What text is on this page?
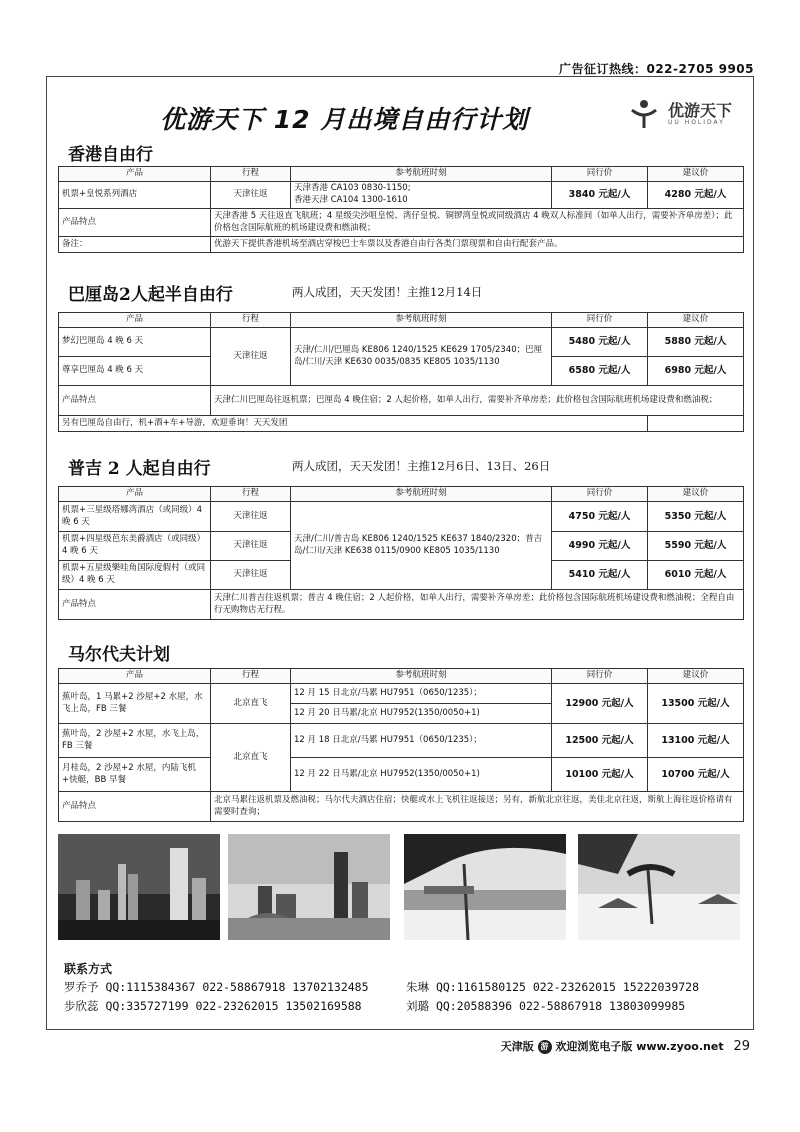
广告征订热线：022-2705 9905
优游天下 12 月出境自由行计划	优游天下
UU HOLIDAY
香港自由行
产品	行程	参考航班时刻	同行价	建议价
机票+皇悦系列酒店	天津往返	天津香港 CA103 0830-1150;
香港天津 CA104 1300-1610	3840 元起/人	4280 元起/人
产品特点	天津香港 5 天往返直飞航班；4 星级尖沙咀皇悦、湾仔皇悦、铜锣湾皇悦或同级酒店 4 晚双人标准间（如单人出行，需要补齐单房差）；此价格包含国际航班的机场建设费和燃油税；			
备注：	优游天下提供香港机场至酒店穿梭巴士车票以及香港自由行各类门票现票和自由行配套产品。			
巴厘岛2人起半自由行	两人成团，天天发团！主推12月14日
产品	行程	参考航班时刻	同行价	建议价
梦幻巴厘岛 4 晚 6 天	天津往返	天津/仁川/巴厘岛 KE806 1240/1525 KE629 1705/2340；巴厘岛/仁川/天津 KE630 0035/0835 KE805 1035/1130	5480 元起/人	5880 元起/人
尊享巴厘岛 4 晚 6 天			6580 元起/人	6980 元起/人
产品特点	天津仁川巴厘岛往返机票；巴厘岛 4 晚住宿；2 人起价格，如单人出行，需要补齐单房差；此价格包含国际航班机场建设费和燃油税；			
另有巴厘岛自由行，机+酒+车+导游，欢迎垂询！天天发团				
普吉 2 人起自由行	两人成团，天天发团！主推12月6日、13日、26日
产品	行程	参考航班时刻	同行价	建议价
机票+三星级塔娜湾酒店（或同级）4 晚 6 天	天津往返	天津/仁川/普吉岛 KE806 1240/1525 KE637 1840/2320；普吉岛/仁川/天津 KE638 0115/0900 KE805 1035/1130	4750 元起/人	5350 元起/人
机票+四星级芭东美爵酒店（或同级）4 晚 6 天	天津往返		4990 元起/人	5590 元起/人
机票+五星级樂哇角国际度假村（或同级）4 晚 6 天	天津往返		5410 元起/人	6010 元起/人
产品特点	天津仁川普吉往返机票；普吉 4 晚住宿；2 人起价格，如单人出行，需要补齐单房差；此价格包含国际航班机场建设费和燃油税；全程自由行无购物店无行程。			
马尔代夫计划
产品	行程	参考航班时刻	同行价	建议价
蕉叶岛，1 马累+2 沙屋+2 水屋，水飞上岛，FB 三餐	北京直飞	12 月 15 日北京/马累 HU7951（0650/1235）；	12900 元起/人	13500 元起/人
		12 月 20 日马累/北京 HU7952(1350/0050+1)		
蕉叶岛，2 沙屋+2 水屋，水飞上岛，FB 三餐	北京直飞	12 月 18 日北京/马累 HU7951（0650/1235）；	12500 元起/人	13100 元起/人
月桂岛，2 沙屋+2 水屋，内陆飞机+快艇，BB 早餐		12 月 22 日马累/北京 HU7952(1350/0050+1)	10100 元起/人	10700 元起/人
产品特点	北京马累往返机票及燃油税；马尔代夫酒店住宿；快艇或水上飞机往返接送；另有，新航北京往返，美佳北京往返，斯航上海往返价格请有需要时查询；			
联系方式
罗乔予 QQ:1115384367 022-58867918 13702132485	朱琳 QQ:1161580125 022-23262015 15222039728
步欣蕊 QQ:335727199 022-23262015 13502169588	刘璐 QQ:20588396 022-58867918 13803099985
天津版 游 欢迎浏览电子版 www.zyoo.net 29
